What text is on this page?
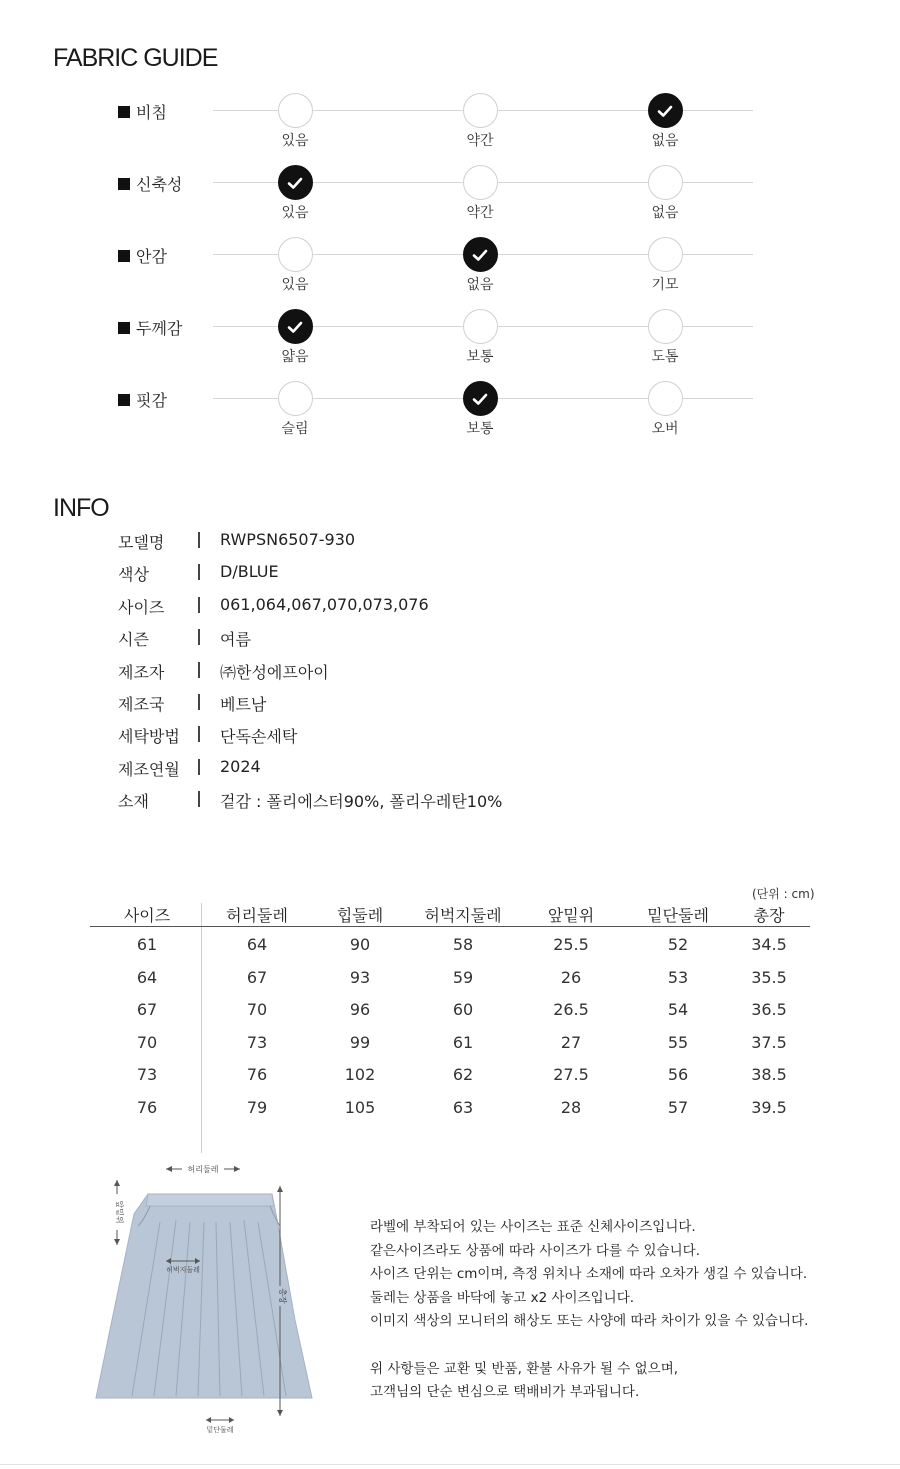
FABRIC GUIDE
비침
있음	약간	없음
신축성
있음	약간	없음
안감
있음	없음	기모
두께감
얇음	보통	도톰
핏감
슬림	보통	오버
INFO
모델명	RWPSN6507-930
색상	D/BLUE
사이즈	061,064,067,070,073,076
시즌	여름
제조자	㈜한성에프아이
제조국	베트남
세탁방법	단독손세탁
제조연월	2024
소재	겉감 : 폴리에스터90%, 폴리우레탄10%
(단위 : cm)
사이즈	허리둘레	힙둘레	허벅지둘레	앞밑위	밑단둘레	총장
61	64	90	58	25.5	52	34.5
64	67	93	59	26	53	35.5
67	70	96	60	26.5	54	36.5
70	73	99	61	27	55	37.5
73	76	102	62	27.5	56	38.5
76	79	105	63	28	57	39.5
허리둘레
앞밑위
허벅지둘레
총장
밑단둘레

라벨에 부착되어 있는 사이즈는 표준 신체사이즈입니다.

같은사이즈라도 상품에 따라 사이즈가 다를 수 있습니다.

사이즈 단위는 cm이며, 측정 위치나 소재에 따라 오차가 생길 수 있습니다.

둘레는 상품을 바닥에 놓고 x2 사이즈입니다.

이미지 색상의 모니터의 해상도 또는 사양에 따라 차이가 있을 수 있습니다.

위 사항들은 교환 및 반품, 환불 사유가 될 수 없으며,

고객님의 단순 변심으로 택배비가 부과됩니다.
